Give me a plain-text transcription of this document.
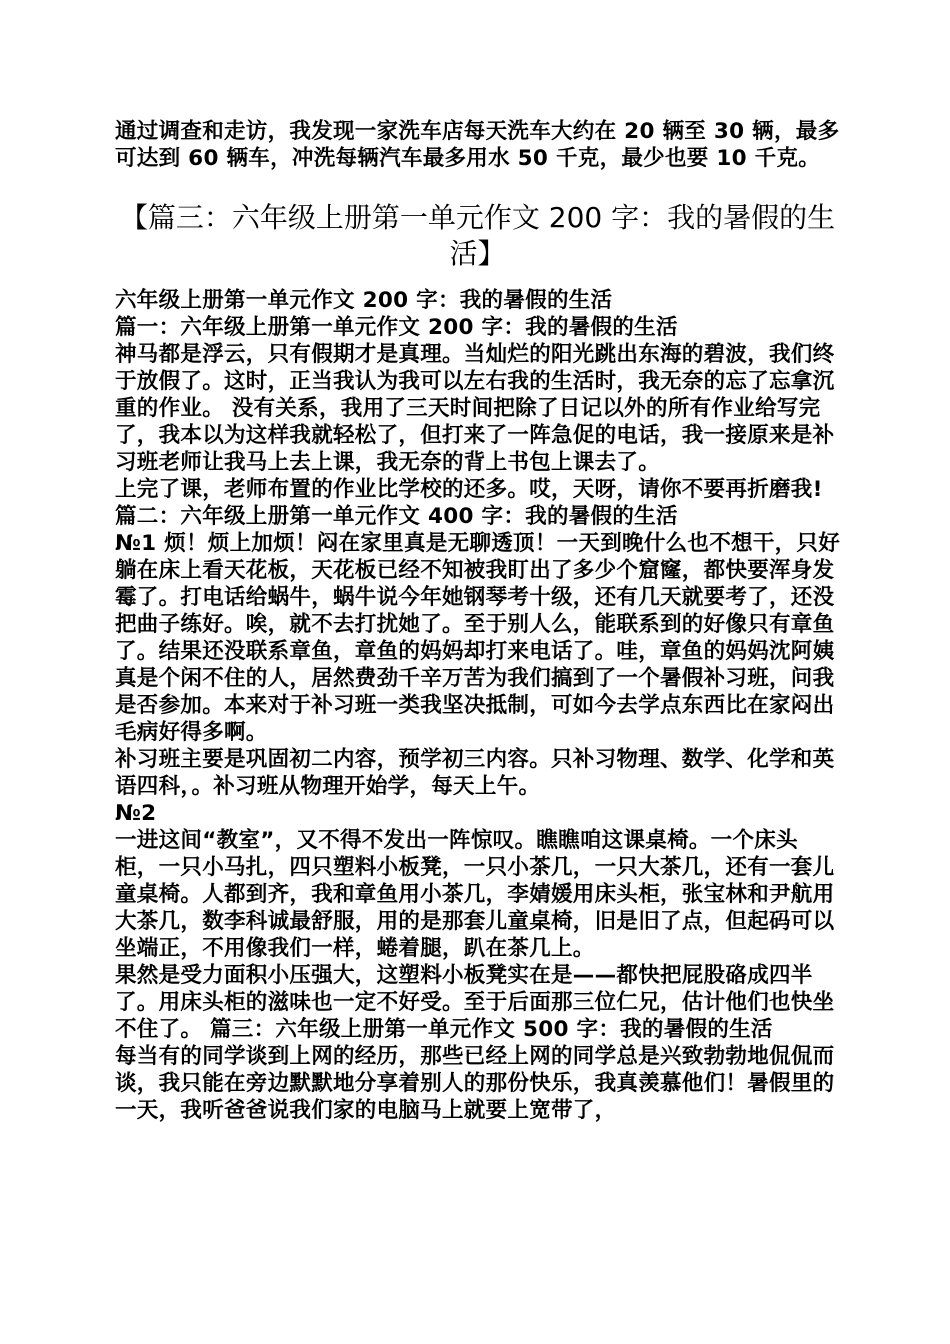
通过调查和走访，我发现一家洗车店每天洗车大约在 20 辆至 30 辆，最多可达到 60 辆车，冲洗每辆汽车最多用水 50 千克，最少也要 10 千克。

【篇三：六年级上册第一单元作文 200 字：我的暑假的生活】

六年级上册第一单元作文 200 字：我的暑假的生活

篇一：六年级上册第一单元作文 200 字：我的暑假的生活

神马都是浮云，只有假期才是真理。当灿烂的阳光跳出东海的碧波，我们终于放假了。这时，正当我认为我可以左右我的生活时，我无奈的忘了忘拿沉重的作业。 没有关系，我用了三天时间把除了日记以外的所有作业给写完了，我本以为这样我就轻松了，但打来了一阵急促的电话，我一接原来是补习班老师让我马上去上课，我无奈的背上书包上课去了。

上完了课，老师布置的作业比学校的还多。哎，天呀，请你不要再折磨我! 篇二：六年级上册第一单元作文 400 字：我的暑假的生活

№1 烦！烦上加烦！闷在家里真是无聊透顶！一天到晚什么也不想干，只好躺在床上看天花板，天花板已经不知被我盯出了多少个窟窿，都快要浑身发霉了。打电话给蜗牛，蜗牛说今年她钢琴考十级，还有几天就要考了，还没把曲子练好。唉，就不去打扰她了。至于别人么，能联系到的好像只有章鱼了。结果还没联系章鱼，章鱼的妈妈却打来电话了。哇，章鱼的妈妈沈阿姨真是个闲不住的人，居然费劲千辛万苦为我们搞到了一个暑假补习班，问我是否参加。本来对于补习班一类我坚决抵制，可如今去学点东西比在家闷出毛病好得多啊。

补习班主要是巩固初二内容，预学初三内容。只补习物理、数学、化学和英语四科，。补习班从物理开始学，每天上午。

№2

一进这间“教室”，又不得不发出一阵惊叹。瞧瞧咱这课桌椅。一个床头柜，一只小马扎，四只塑料小板凳，一只小茶几，一只大茶几，还有一套儿童桌椅。人都到齐，我和章鱼用小茶几，李婧媛用床头柜，张宝林和尹航用大茶几，数李科诚最舒服，用的是那套儿童桌椅，旧是旧了点，但起码可以坐端正，不用像我们一样，蜷着腿，趴在茶几上。

果然是受力面积小压强大，这塑料小板凳实在是——都快把屁股硌成四半了。用床头柜的滋味也一定不好受。至于后面那三位仁兄，估计他们也快坐不住了。 篇三：六年级上册第一单元作文 500 字：我的暑假的生活

每当有的同学谈到上网的经历，那些已经上网的同学总是兴致勃勃地侃侃而谈，我只能在旁边默默地分享着别人的那份快乐，我真羡慕他们！暑假里的一天，我听爸爸说我们家的电脑马上就要上宽带了，
